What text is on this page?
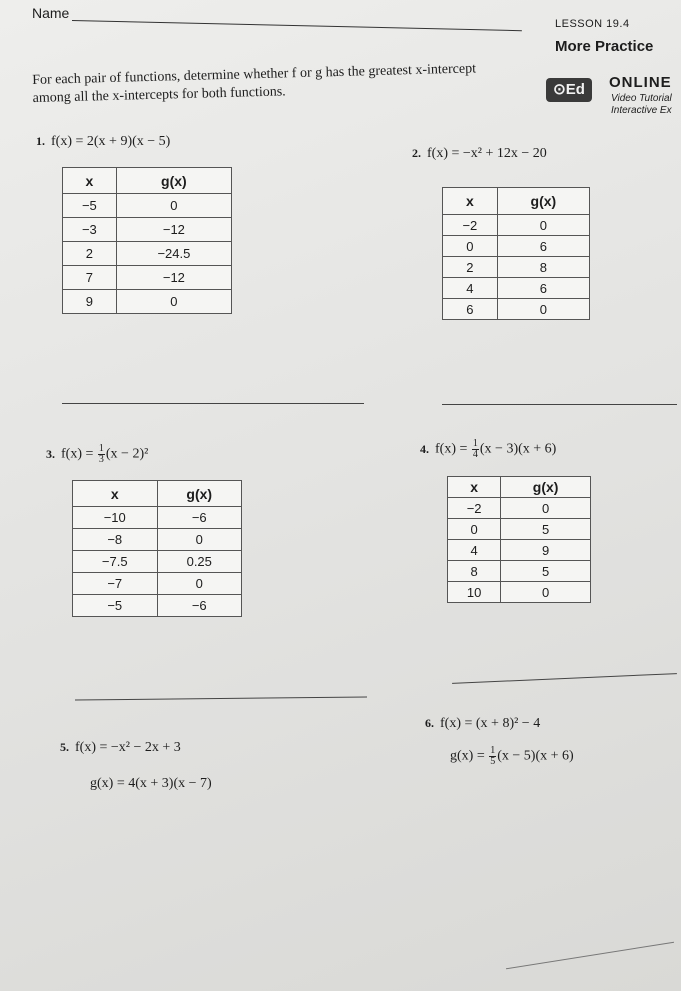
Name
LESSON 19.4
More Practice
⊙Ed	ONLINE
Video Tutorial
Interactive Ex
For each pair of functions, determine whether f or g has the greatest x-intercept among all the x-intercepts for both functions.
1. f(x) = 2(x + 9)(x − 5)
x	g(x)
−5	0
−3	−12
2	−24.5
7	−12
9	0
2. f(x) = −x² + 12x − 20
x	g(x)
−2	0
0	6
2	8
4	6
6	0
3. $f(x) = \frac{1}{3} (x - 2)^2$
x	g(x)
−10	−6
−8	0
−7.5	0.25
−7	0
−5	−6
4. $f(x) = \frac{1}{4} (x - 3)(x + 6)$
x	g(x)
−2	0
0	5
4	9
8	5
10	0
5. f(x) = −x² − 2x + 3
g(x) = 4(x + 3)(x − 7)
6. f(x) = (x + 8)² − 4
$g(x) = \frac{1}{5} (x - 5)(x + 6)$
